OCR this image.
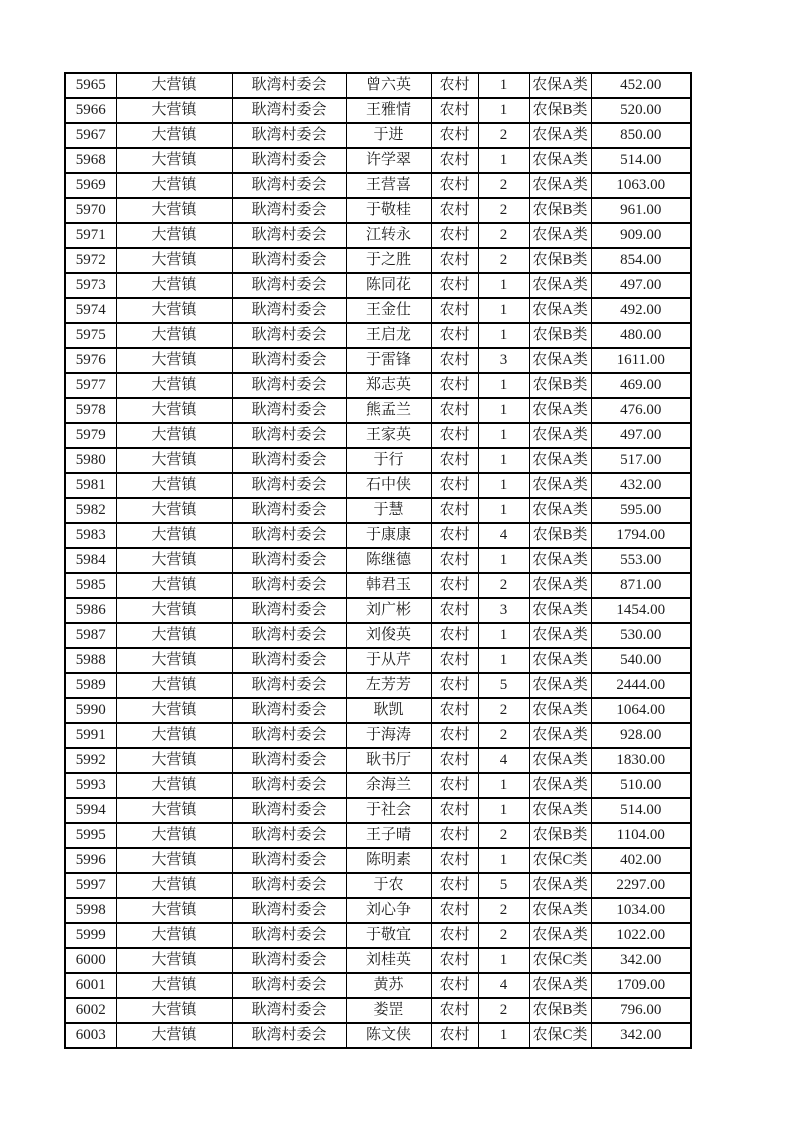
5965	大营镇	耿湾村委会	曾六英	农村	1	农保A类	452.00
5966	大营镇	耿湾村委会	王雅情	农村	1	农保B类	520.00
5967	大营镇	耿湾村委会	于进	农村	2	农保A类	850.00
5968	大营镇	耿湾村委会	许学翠	农村	1	农保A类	514.00
5969	大营镇	耿湾村委会	王营喜	农村	2	农保A类	1063.00
5970	大营镇	耿湾村委会	于敬桂	农村	2	农保B类	961.00
5971	大营镇	耿湾村委会	江转永	农村	2	农保A类	909.00
5972	大营镇	耿湾村委会	于之胜	农村	2	农保B类	854.00
5973	大营镇	耿湾村委会	陈同花	农村	1	农保A类	497.00
5974	大营镇	耿湾村委会	王金仕	农村	1	农保A类	492.00
5975	大营镇	耿湾村委会	王启龙	农村	1	农保B类	480.00
5976	大营镇	耿湾村委会	于雷锋	农村	3	农保A类	1611.00
5977	大营镇	耿湾村委会	郑志英	农村	1	农保B类	469.00
5978	大营镇	耿湾村委会	熊孟兰	农村	1	农保A类	476.00
5979	大营镇	耿湾村委会	王家英	农村	1	农保A类	497.00
5980	大营镇	耿湾村委会	于行	农村	1	农保A类	517.00
5981	大营镇	耿湾村委会	石中侠	农村	1	农保A类	432.00
5982	大营镇	耿湾村委会	于慧	农村	1	农保A类	595.00
5983	大营镇	耿湾村委会	于康康	农村	4	农保B类	1794.00
5984	大营镇	耿湾村委会	陈继德	农村	1	农保A类	553.00
5985	大营镇	耿湾村委会	韩君玉	农村	2	农保A类	871.00
5986	大营镇	耿湾村委会	刘广彬	农村	3	农保A类	1454.00
5987	大营镇	耿湾村委会	刘俊英	农村	1	农保A类	530.00
5988	大营镇	耿湾村委会	于从芹	农村	1	农保A类	540.00
5989	大营镇	耿湾村委会	左芳芳	农村	5	农保A类	2444.00
5990	大营镇	耿湾村委会	耿凯	农村	2	农保A类	1064.00
5991	大营镇	耿湾村委会	于海涛	农村	2	农保A类	928.00
5992	大营镇	耿湾村委会	耿书厅	农村	4	农保A类	1830.00
5993	大营镇	耿湾村委会	余海兰	农村	1	农保A类	510.00
5994	大营镇	耿湾村委会	于社会	农村	1	农保A类	514.00
5995	大营镇	耿湾村委会	王子晴	农村	2	农保B类	1104.00
5996	大营镇	耿湾村委会	陈明素	农村	1	农保C类	402.00
5997	大营镇	耿湾村委会	于农	农村	5	农保A类	2297.00
5998	大营镇	耿湾村委会	刘心争	农村	2	农保A类	1034.00
5999	大营镇	耿湾村委会	于敬宜	农村	2	农保A类	1022.00
6000	大营镇	耿湾村委会	刘桂英	农村	1	农保C类	342.00
6001	大营镇	耿湾村委会	黄苏	农村	4	农保A类	1709.00
6002	大营镇	耿湾村委会	娄罡	农村	2	农保B类	796.00
6003	大营镇	耿湾村委会	陈文侠	农村	1	农保C类	342.00
